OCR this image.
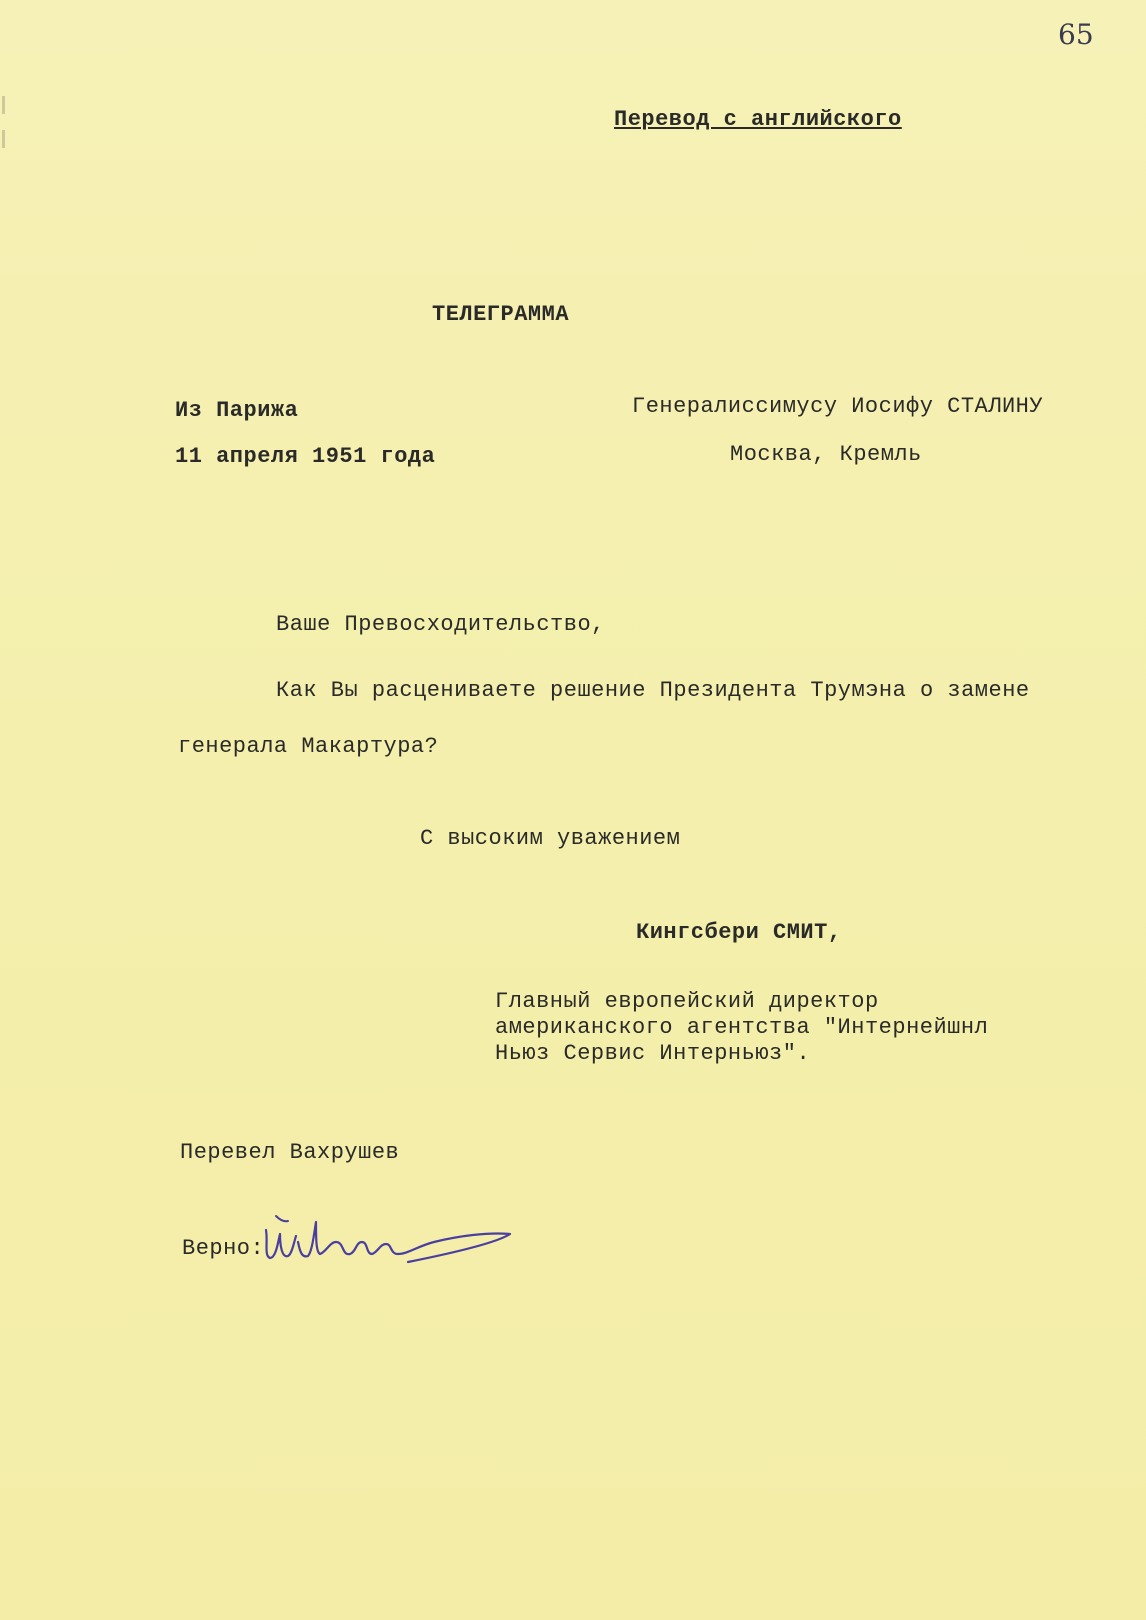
65
Перевод с английского
ТЕЛЕГРАММА
Из Парижа
11 апреля 1951 года
Генералиссимусу Иосифу СТАЛИНУ
Москва, Кремль
Ваше Превосходительство,
Как Вы расцениваете решение Президента Трумэна о замене
генерала Макартура?
С высоким уважением
Кингсбери СМИТ,
Главный европейский директор
американского агентства "Интернейшнл
Ньюз Сервис Интерньюз".
Перевел Вахрушев
Верно:
